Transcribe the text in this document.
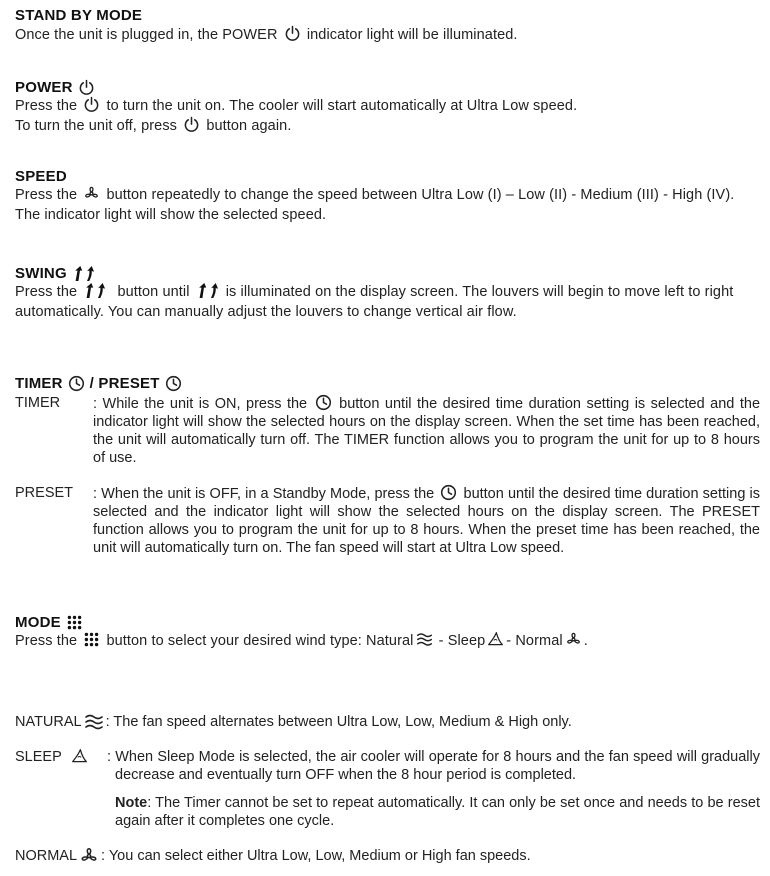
STAND BY MODE
Once the unit is plugged in, the POWER indicator light will be illuminated.
POWER
Press the to turn the unit on. The cooler will start automatically at Ultra Low speed.
To turn the unit off, press button again.
SPEED
Press the button repeatedly to change the speed between Ultra Low (I) – Low (II) - Medium (III) - High (IV). The indicator light will show the selected speed.
SWING
Press the	button until is illuminated on the display screen. The louvers will begin to move left to right automatically. You can manually adjust the louvers to change vertical air flow.
TIMER / PRESET
TIMER	: While the unit is ON, press the button until the desired time duration setting is selected and the indicator light will show the selected hours on the display screen. When the set time has been reached, the unit will automatically turn off. The TIMER function allows you to program the unit for up to 8 hours of use.
PRESET	: When the unit is OFF, in a Standby Mode, press the button until the desired time duration setting is selected and the indicator light will show the selected hours on the display screen. The PRESET function allows you to program the unit for up to 8 hours. When the preset time has been reached, the unit will automatically turn on. The fan speed will start at Ultra Low speed.
MODE
Press the button to select your desired wind type: Natural - Sleep - Normal .
NATURAL : The fan speed alternates between Ultra Low, Low, Medium & High only.
SLEEP	: When Sleep Mode is selected, the air cooler will operate for 8 hours and the fan speed will gradually decrease and eventually turn OFF when the 8 hour period is completed.
Note: The Timer cannot be set to repeat automatically. It can only be set once and needs to be reset again after it completes one cycle.
NORMAL : You can select either Ultra Low, Low, Medium or High fan speeds.
